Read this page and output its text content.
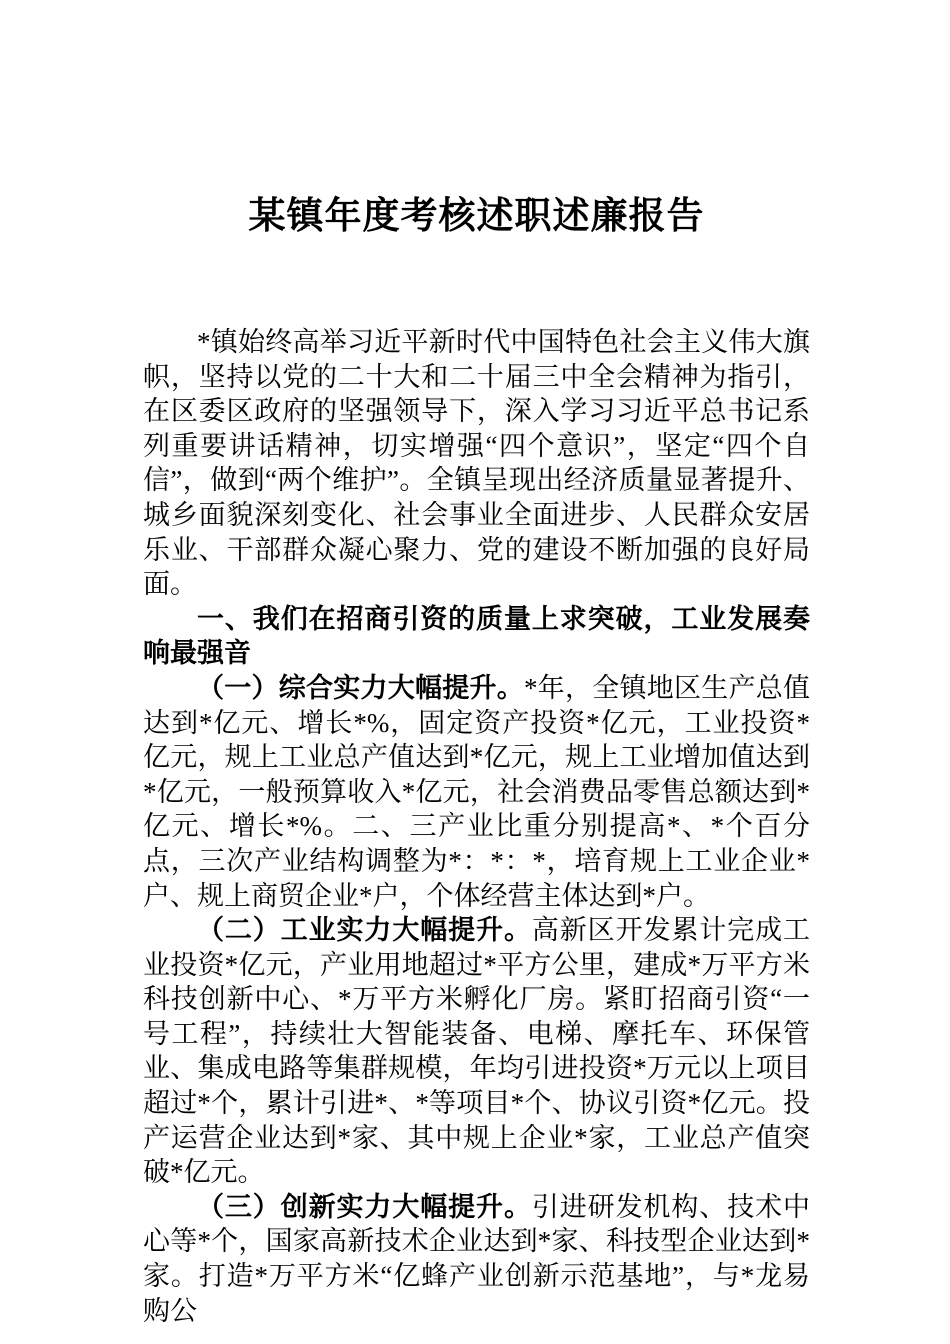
某镇年度考核述职述廉报告

*镇始终高举习近平新时代中国特色社会主义伟大旗帜，坚持以党的二十大和二十届三中全会精神为指引，在区委区政府的坚强领导下，深入学习习近平总书记系列重要讲话精神，切实增强“四个意识”，坚定“四个自信”，做到“两个维护”。全镇呈现出经济质量显著提升、城乡面貌深刻变化、社会事业全面进步、人民群众安居乐业、干部群众凝心聚力、党的建设不断加强的良好局面。

一、我们在招商引资的质量上求突破，工业发展奏响最强音

（一）综合实力大幅提升。*年，全镇地区生产总值达到*亿元、增长*%，固定资产投资*亿元，工业投资*亿元，规上工业总产值达到*亿元，规上工业增加值达到*亿元，一般预算收入*亿元，社会消费品零售总额达到*亿元、增长*%。二、三产业比重分别提高*、*个百分点，三次产业结构调整为*：*：*，培育规上工业企业*户、规上商贸企业*户，个体经营主体达到*户。

（二）工业实力大幅提升。高新区开发累计完成工业投资*亿元，产业用地超过*平方公里，建成*万平方米科技创新中心、*万平方米孵化厂房。紧盯招商引资“一号工程”，持续壮大智能装备、电梯、摩托车、环保管业、集成电路等集群规模，年均引进投资*万元以上项目超过*个，累计引进*、*等项目*个、协议引资*亿元。投产运营企业达到*家、其中规上企业*家，工业总产值突破*亿元。

（三）创新实力大幅提升。引进研发机构、技术中心等*个，国家高新技术企业达到*家、科技型企业达到*家。打造*万平方米“亿蜂产业创新示范基地”，与*龙易购公
